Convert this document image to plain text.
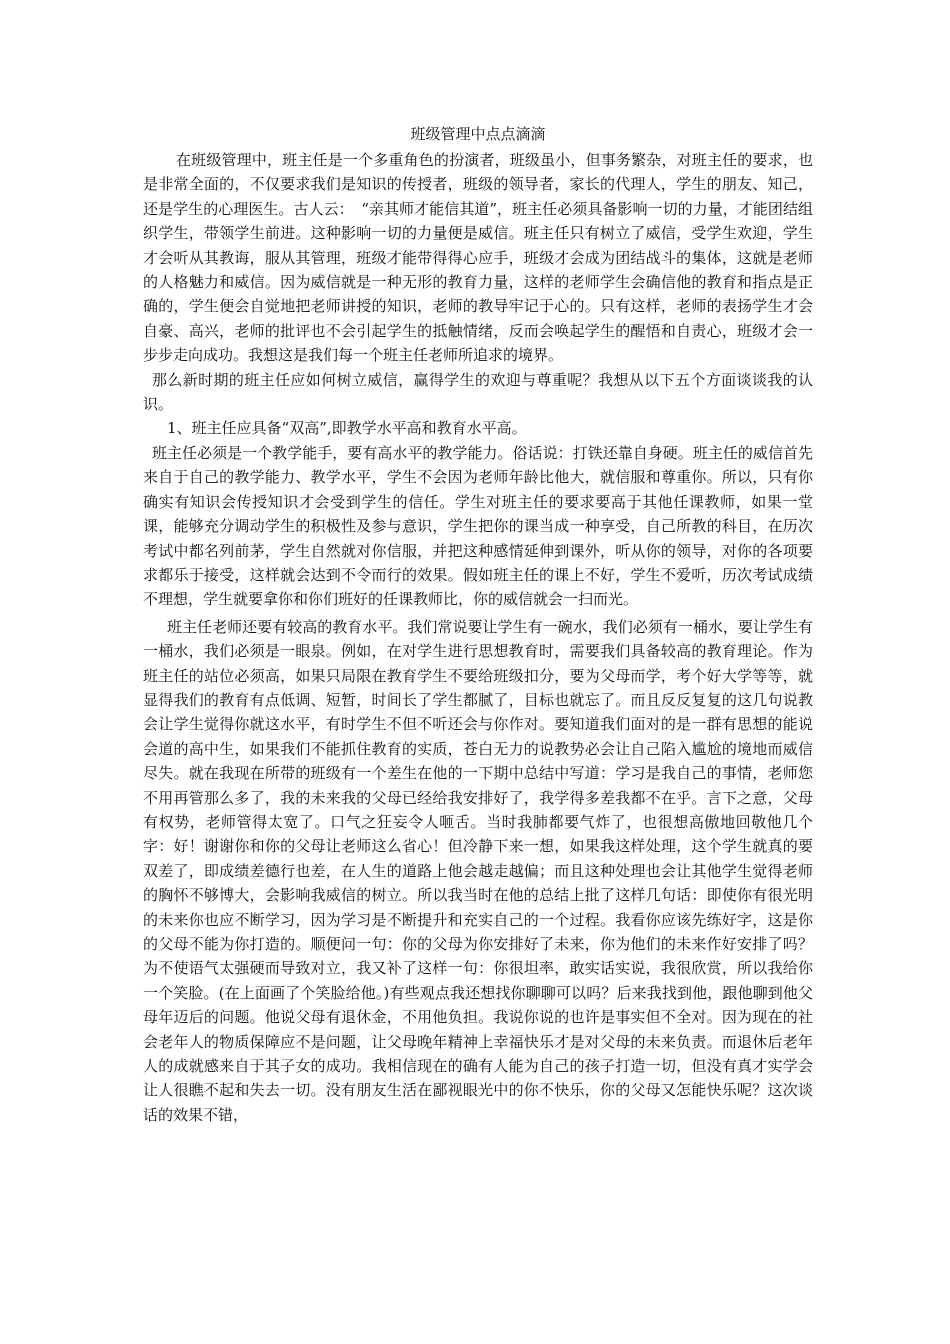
班级管理中点点滴滴

在班级管理中，班主任是一个多重角色的扮演者，班级虽小，但事务繁杂，对班主任的要求，也是非常全面的，不仅要求我们是知识的传授者，班级的领导者，家长的代理人，学生的朋友、知己，还是学生的心理医生。古人云：　“亲其师才能信其道”，班主任必须具备影响一切的力量，才能团结组织学生，带领学生前进。这种影响一切的力量便是威信。班主任只有树立了威信，受学生欢迎，学生才会听从其教诲，服从其管理，班级才能带得得心应手，班级才会成为团结战斗的集体，这就是老师的人格魅力和威信。因为威信就是一种无形的教育力量，这样的老师学生会确信他的教育和指点是正确的，学生便会自觉地把老师讲授的知识，老师的教导牢记于心的。只有这样，老师的表扬学生才会自豪、高兴，老师的批评也不会引起学生的抵触情绪，反而会唤起学生的醒悟和自责心，班级才会一步步走向成功。我想这是我们每一个班主任老师所追求的境界。

那么新时期的班主任应如何树立威信，赢得学生的欢迎与尊重呢？我想从以下五个方面谈谈我的认识。

1、班主任应具备“双高”,即教学水平高和教育水平高。

班主任必须是一个教学能手，要有高水平的教学能力。俗话说：打铁还靠自身硬。班主任的威信首先来自于自己的教学能力、教学水平，学生不会因为老师年龄比他大，就信服和尊重你。所以，只有你确实有知识会传授知识才会受到学生的信任。学生对班主任的要求要高于其他任课教师，如果一堂课，能够充分调动学生的积极性及参与意识，学生把你的课当成一种享受，自己所教的科目，在历次考试中都名列前茅，学生自然就对你信服，并把这种感情延伸到课外，听从你的领导，对你的各项要求都乐于接受，这样就会达到不令而行的效果。假如班主任的课上不好，学生不爱听，历次考试成绩不理想，学生就要拿你和你们班好的任课教师比，你的威信就会一扫而光。

班主任老师还要有较高的教育水平。我们常说要让学生有一碗水，我们必须有一桶水，要让学生有一桶水，我们必须是一眼泉。例如，在对学生进行思想教育时，需要我们具备较高的教育理论。作为班主任的站位必须高，如果只局限在教育学生不要给班级扣分，要为父母而学，考个好大学等等，就显得我们的教育有点低调、短暂，时间长了学生都腻了，目标也就忘了。而且反反复复的这几句说教会让学生觉得你就这水平，有时学生不但不听还会与你作对。要知道我们面对的是一群有思想的能说会道的高中生，如果我们不能抓住教育的实质，苍白无力的说教势必会让自己陷入尴尬的境地而威信尽失。就在我现在所带的班级有一个差生在他的一下期中总结中写道：学习是我自己的事情，老师您不用再管那么多了，我的未来我的父母已经给我安排好了，我学得多差我都不在乎。言下之意，父母有权势，老师管得太宽了。口气之狂妄令人咂舌。当时我肺都要气炸了，也很想高傲地回敬他几个字：好！谢谢你和你的父母让老师这么省心！但冷静下来一想，如果我这样处理，这个学生就真的要双差了，即成绩差德行也差，在人生的道路上他会越走越偏；而且这种处理也会让其他学生觉得老师的胸怀不够博大，会影响我威信的树立。所以我当时在他的总结上批了这样几句话：即使你有很光明的未来你也应不断学习，因为学习是不断提升和充实自己的一个过程。我看你应该先练好字，这是你的父母不能为你打造的。顺便问一句：你的父母为你安排好了未来，你为他们的未来作好安排了吗？为不使语气太强硬而导致对立，我又补了这样一句：你很坦率，敢实话实说，我很欣赏，所以我给你一个笑脸。(在上面画了个笑脸给他。)有些观点我还想找你聊聊可以吗？后来我找到他，跟他聊到他父母年迈后的问题。他说父母有退休金，不用他负担。我说你说的也许是事实但不全对。因为现在的社会老年人的物质保障应不是问题，让父母晚年精神上幸福快乐才是对父母的未来负责。而退休后老年人的成就感来自于其子女的成功。我相信现在的确有人能为自己的孩子打造一切，但没有真才实学会让人很瞧不起和失去一切。没有朋友生活在鄙视眼光中的你不快乐，你的父母又怎能快乐呢？这次谈话的效果不错，
